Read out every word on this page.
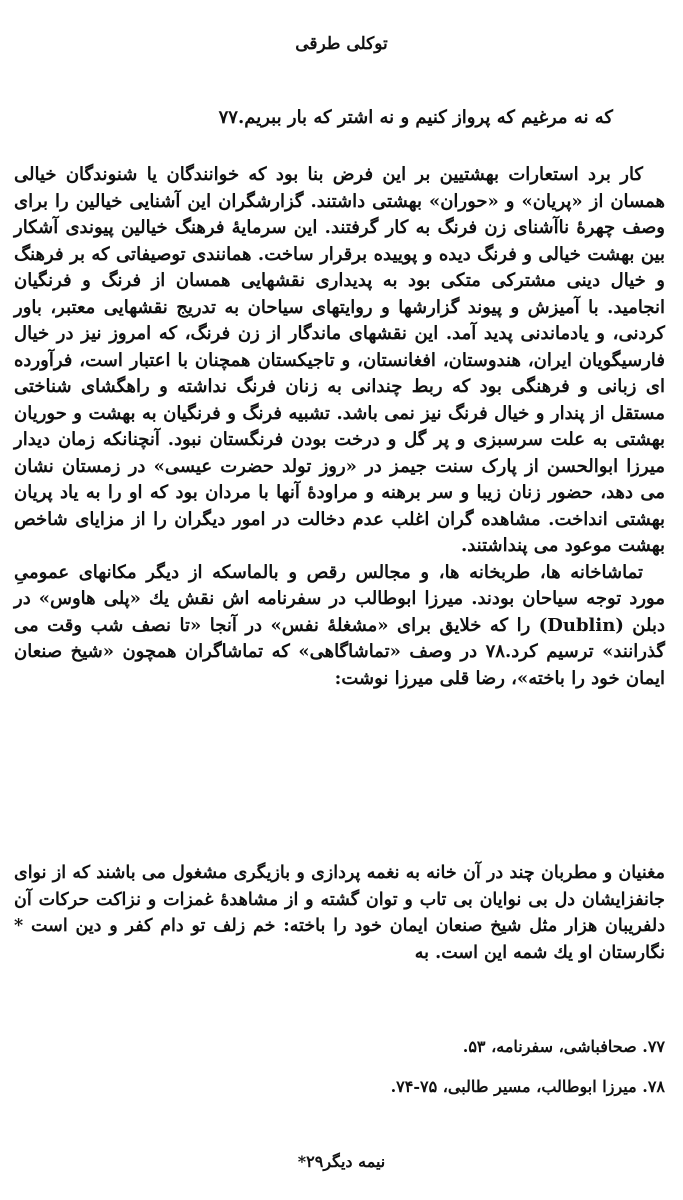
توکلی طرقی
که نه مرغیم که پرواز کنیم و نه اشتر که بار ببریم.‌۷۷

کار برد استعارات بهشتیین بر این فرض بنا بود که خوانندگان یا شنوندگان خیالی همسان از «پریان» و «حوران» بهشتی داشتند. گزارشگران این آشنایی خیالین را برای وصف چهرهٔ ناآشنای زن فرنگ به کار گرفتند. این سرمایهٔ فرهنگ خیالین پیوندی آشکار بین بهشت خیالی و فرنگ دیده و پوییده برقرار ساخت. همانندی توصیفاتی که بر فرهنگ و خیال دینی مشترکی متکی بود به پدیداری نقشهایی همسان از فرنگ و فرنگیان انجامید. با آمیزش و پیوند گزارشها و روایتهای سیاحان به تدریج نقشهایی معتبر، باور کردنی، و یادماندنی پدید آمد. این نقشهای ماندگار از زن فرنگ، که امروز نیز در خیال فارسیگویان ایران، هندوستان، افغانستان، و تاجیکستان همچنان با اعتبار است، فرآورده ای زبانی و فرهنگی بود که ربط چندانی به زنان فرنگ نداشته و راهگشای شناختی مستقل از پندار و خیال فرنگ نیز نمی باشد. تشبیه فرنگ و فرنگیان به بهشت و حوریان بهشتی به علت سرسبزی و پر گل و درخت بودن فرنگستان نبود. آنچنانکه زمان دیدار میرزا ابوالحسن از پارک سنت جیمز در «روز تولد حضرت عیسی» در زمستان نشان می دهد، حضور زنان زیبا و سر برهنه و مراودهٔ آنها با مردان بود که او را به یاد پریان بهشتی انداخت. مشاهده گران اغلب عدم دخالت در امور دیگران را از مزایای شاخص بهشت موعود می پنداشتند.

تماشاخانه ها، طربخانه ها، و مجالس رقص و بالماسکه از دیگر مکانهای عمومیِ مورد توجه سیاحان بودند. میرزا ابوطالب در سفرنامه اش نقش یك «پلی هاوس» در دبلن (Dublin) را که خلایق برای «مشغلهٔ نفس» در آنجا «تا نصف شب وقت می گذرانند» ترسیم کرد.‌۷۸ در وصف «تماشاگاهی» که تماشاگران همچون «شیخ صنعان ایمان خود را باخته»، رضا قلی میرزا نوشت:

مغنیان و مطربان چند در آن خانه به نغمه پردازی و بازیگری مشغول می باشند که از نوای جانفزایشان دل بی نوایان بی تاب و توان گشته و از مشاهدهٔ غمزات و نزاکت حرکات آن دلفریبان هزار مثل شیخ صنعان ایمان خود را باخته: خم زلف تو دام کفر و دین است * نگارستان او یك شمه این است. به

۷۷. صحافباشی، سفرنامه، ۵۳.
۷۸. میرزا ابوطالب، مسیر طالبی، ۷۵-۷۴.
نیمه دیگر۲۹*
